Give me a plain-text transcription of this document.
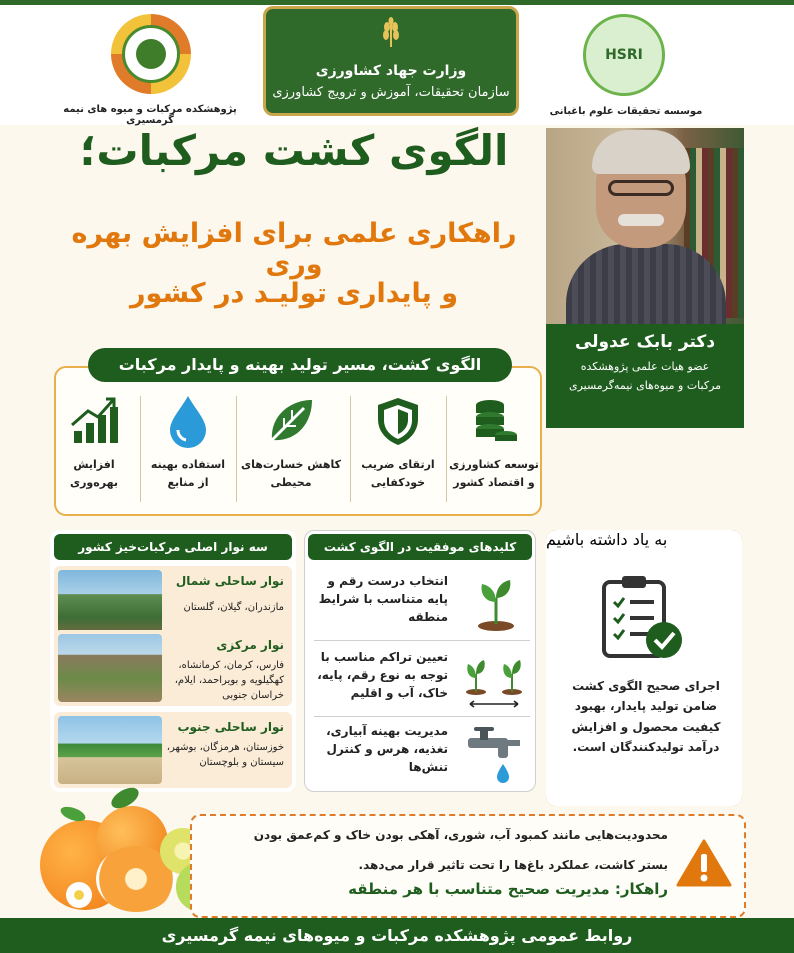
پژوهشکده مرکبات و میوه های نیمه گرمسیری
وزارت جهاد کشاورزی
سازمان تحقیقات، آموزش و ترویج کشاورزی
HSRI
موسسه تحقیقات علوم باغبانی
الگوی کشت مرکبات؛
راهکاری علمی برای افزایش بهره وری
و پایداری تولیـد در کشور
دکتر بابک عدولی
عضو هیات علمی پژوهشکده
مرکبات و میوه‌های نیمه‌گرمسیری
الگوی کشت، مسیر تولید بهینه و پایدار مرکبات
توسعه کشاورزی
و اقتصاد کشور
ارتقای ضریب
خودکفایی
کاهش خسارت‌های
محیطی
استفاده بهینه
از منابع
افزایش
بهره‌وری
سه نوار اصلی مرکبات‌خیز کشور
نوار ساحلی شمال
مازندران، گیلان، گلستان
نوار مرکزی
فارس، کرمان، کرمانشاه، کهگیلویه و بویراحمد، ایلام، خراسان جنوبی
نوار ساحلی جنوب
خوزستان، هرمزگان، بوشهر، سیستان و بلوچستان
کلیدهای موفقیت در الگوی کشت
انتخاب درست رقم و پایه متناسب با شرایط منطقه
تعیین تراکم مناسب با توجه به نوع رقم، پایه، خاک، آب و اقلیم
مدیریت بهینه آبیاری، تغذیه، هرس و کنترل تنش‌ها
به یاد داشته باشیم
اجرای صحیح الگوی کشت ضامن تولید پایدار، بهبود کیفیت محصول و افزایش درآمد تولیدکنندگان است.
محدودیت‌هایی مانند کمبود آب، شوری، آهکی بودن خاک و کم‌عمق بودن
بستر کاشت، عملکرد باغ‌ها را تحت تاثیر قرار می‌دهد.
راهکار: مدیریت صحیح متناسب با هر منطقه
روابط عمومی پژوهشکده مرکبات و میوه‌های نیمه گرمسیری
